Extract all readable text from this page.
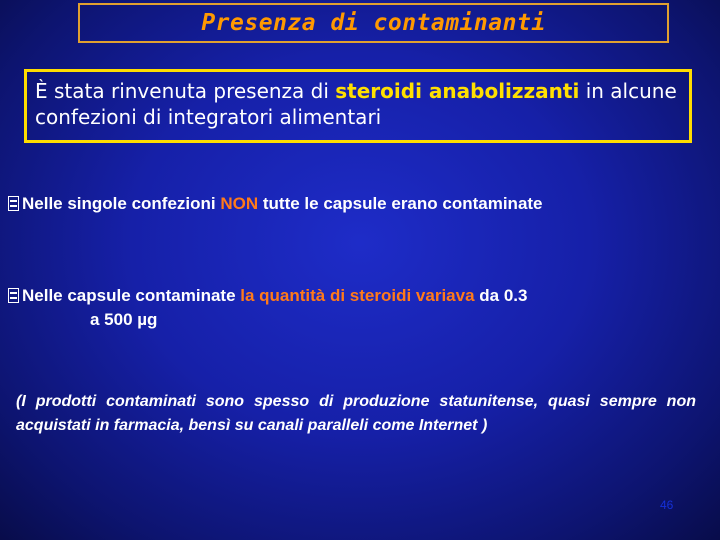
Presenza di contaminanti
È stata rinvenuta presenza di steroidi anabolizzanti in alcune confezioni di integratori alimentari
Nelle singole confezioni NON tutte le capsule erano contaminate
Nelle capsule contaminate la quantità di steroidi variava da 0.3
a 500 µg
(I prodotti contaminati sono spesso di produzione statunitense, quasi sempre non acquistati in farmacia, bensì su canali paralleli come Internet )
46
